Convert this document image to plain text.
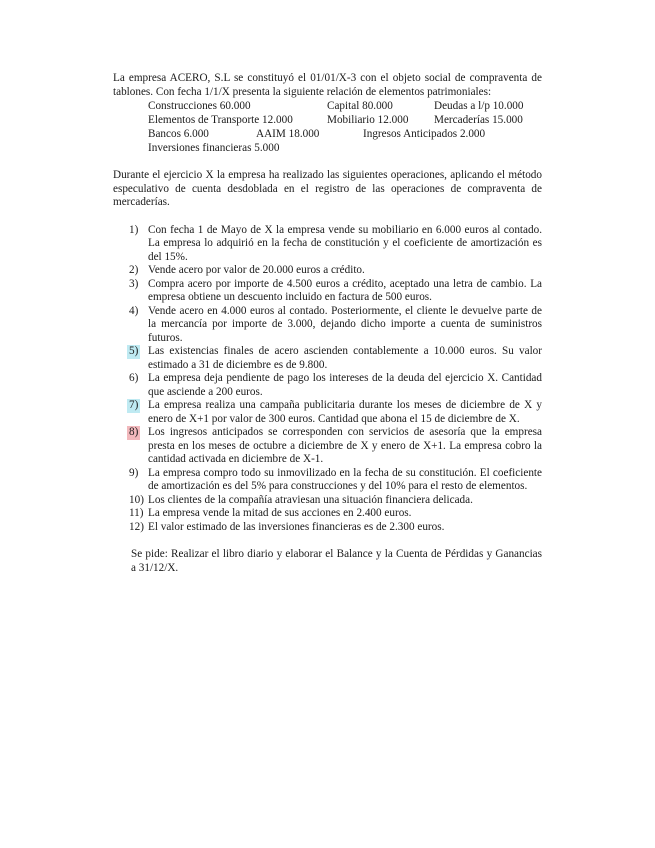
La empresa ACERO, S.L se constituyó el 01/01/X-3 con el objeto social de compraventa de tablones. Con fecha 1/1/X presenta la siguiente relación de elementos patrimoniales:

Construcciones 60.000	Capital 80.000	Deudas a l/p 10.000
Elementos de Transporte 12.000	Mobiliario 12.000 Mercaderías 15.000
Bancos 6.000	AAIM 18.000	Ingresos Anticipados 2.000
Inversiones financieras 5.000

Durante el ejercicio X la empresa ha realizado las siguientes operaciones, aplicando el método especulativo de cuenta desdoblada en el registro de las operaciones de compraventa de mercaderías.

1) Con fecha 1 de Mayo de X la empresa vende su mobiliario en 6.000 euros al contado. La empresa lo adquirió en la fecha de constitución y el coeficiente de amortización es del 15%.
2) Vende acero por valor de 20.000 euros a crédito.
3) Compra acero por importe de 4.500 euros a crédito, aceptado una letra de cambio. La empresa obtiene un descuento incluido en factura de 500 euros.
4) Vende acero en 4.000 euros al contado. Posteriormente, el cliente le devuelve parte de la mercancía por importe de 3.000, dejando dicho importe a cuenta de suministros futuros.
5) Las existencias finales de acero ascienden contablemente a 10.000 euros. Su valor estimado a 31 de diciembre es de 9.800.
6) La empresa deja pendiente de pago los intereses de la deuda del ejercicio X. Cantidad que asciende a 200 euros.
7) La empresa realiza una campaña publicitaria durante los meses de diciembre de X y enero de X+1 por valor de 300 euros. Cantidad que abona el 15 de diciembre de X.
8) Los ingresos anticipados se corresponden con servicios de asesoría que la empresa presta en los meses de octubre a diciembre de X y enero de X+1. La empresa cobro la cantidad activada en diciembre de X-1.
9) La empresa compro todo su inmovilizado en la fecha de su constitución. El coeficiente de amortización es del 5% para construcciones y del 10% para el resto de elementos.
10) Los clientes de la compañía atraviesan una situación financiera delicada.
11) La empresa vende la mitad de sus acciones en 2.400 euros.
12) El valor estimado de las inversiones financieras es de 2.300 euros.

Se pide: Realizar el libro diario y elaborar el Balance y la Cuenta de Pérdidas y Ganancias a 31/12/X.
